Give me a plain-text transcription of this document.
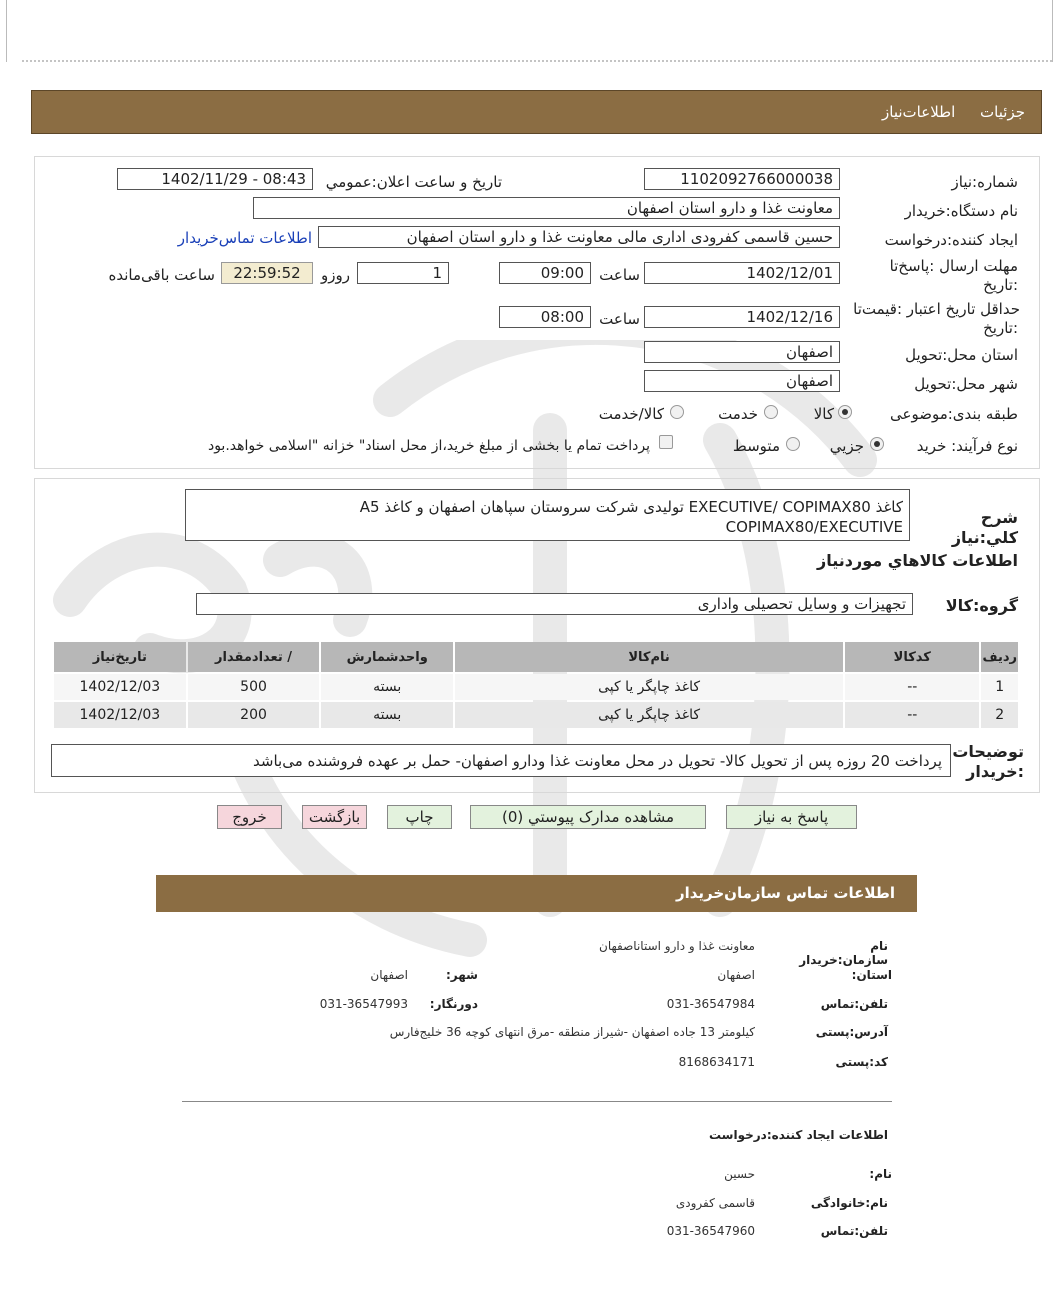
جزئیات اطلاعات‌نیاز
شماره:نیاز
1102092766000038
تاریخ و ساعت اعلان:عمومي
1402/11/29 - 08:43
نام دستگاه:خریدار
معاونت غذا و دارو استان اصفهان
ایجاد کننده:درخواست
حسین قاسمی کفرودی اداری مالی معاونت غذا و دارو استان اصفهان
اطلاعات تماس‌خریدار
مهلت ارسال :پاسخ‌تا
:تاریخ
1402/12/01
ساعت
09:00
1
روزو
22:59:52
ساعت باقی‌مانده
حداقل تاریخ اعتبار :قیمت‌تا
:تاریخ
1402/12/16
ساعت
08:00
استان محل:تحویل
اصفهان
شهر محل:تحویل
اصفهان
طبقه بندی:موضوعی
کالا
خدمت
کالا/خدمت
نوع فرآیند: خرید
جزيي
متوسط
پرداخت تمام یا بخشی از مبلغ خرید،از محل اسناد" خزانه "اسلامی خواهد.بود
شرح کلي:نیاز
کاغذ EXECUTIVE/ COPIMAX80 تولیدی شرکت سروستان سپاهان اصفهان و کاغذ A5
COPIMAX80/EXECUTIVE
اطلاعات کالاهاي موردنیاز
گروه:کالا
تجهیزات و وسایل تحصیلی واداری
ردیف	کدکالا	نام‌کالا	واحدشمارش	/ تعدادمقدار	تاریخ‌نیاز
1	--	کاغذ چاپگر یا کپی	بسته	500	1402/12/03
2	--	کاغذ چاپگر یا کپی	بسته	200	1402/12/03
توضیحات
:خریدار
پرداخت 20 روزه پس از تحویل کالا- تحویل در محل معاونت غذا ودارو اصفهان- حمل بر عهده فروشنده می‌باشد
پاسخ به نیاز
مشاهده مدارک پیوستي (0)
چاپ
بازگشت
خروج
اطلاعات تماس سازمان‌خریدار
نام سازمان:خریدار
معاونت غذا و دارو استاناصفهان
استان:
اصفهان
شهر:
اصفهان
تلفن:تماس
031-36547984
دورنگار:
031-36547993
آدرس:پستی
کیلومتر 13 جاده اصفهان -شیراز منطقه -مرق انتهای کوچه 36 خلیج‌فارس
کد:پستی
8168634171
اطلاعات ایجاد کننده:درخواست
نام:
حسین
نام:خانوادگی
قاسمی کفرودی
تلفن:تماس
031-36547960
